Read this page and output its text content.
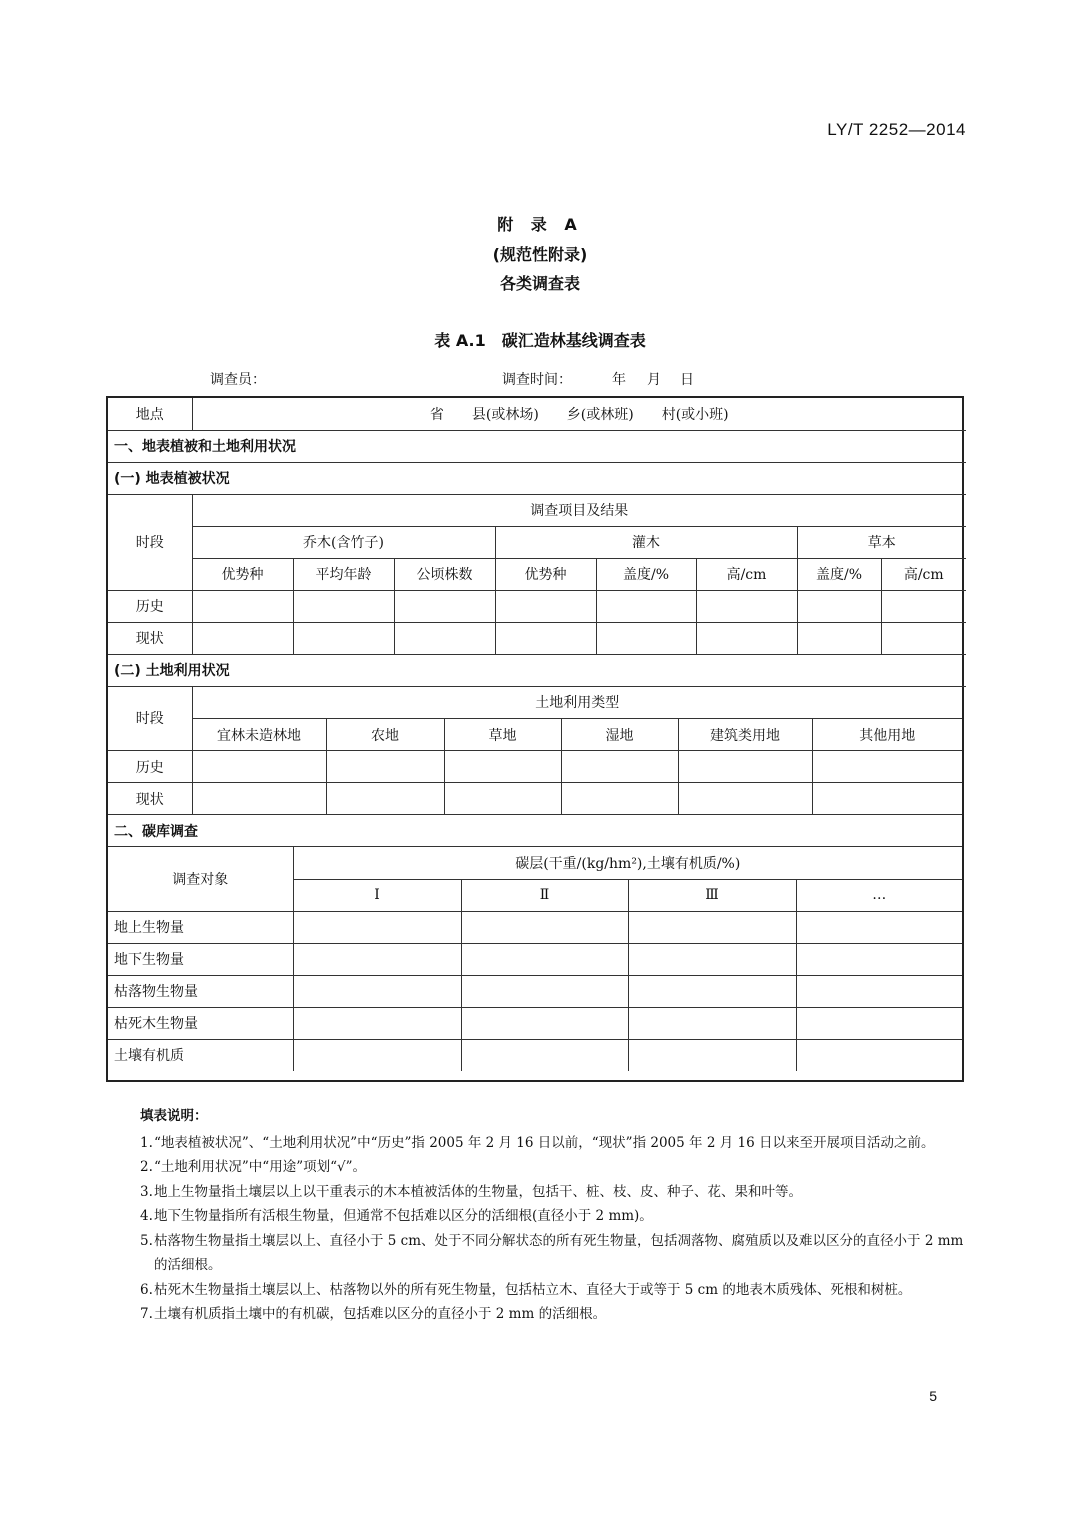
LY/T 2252—2014
附 录 A
(规范性附录)
各类调查表
表 A.1　碳汇造林基线调查表
调查员：	调查时间：	年 月 日
地点	省　　县(或林场)　　乡(或林班)　　村(或小班)							
一、地表植被和土地利用状况								
(一) 地表植被状况								
时段	调查项目及结果							
	乔木(含竹子)			灌木			草本	
	优势种	平均年龄	公顷株数	优势种	盖度/%	高/cm	盖度/%	高/cm
历史								
现状								
(二) 土地利用状况								
时段	土地利用类型					
	宜林未造林地	农地	草地	湿地	建筑类用地	其他用地
历史						
现状						
二、碳库调查						
调查对象	碳层(干重/(kg/hm²),土壤有机质/%)			
	Ⅰ	Ⅱ	Ⅲ	…
地上生物量				
地下生物量				
枯落物生物量				
枯死木生物量				
土壤有机质				
填表说明：
1. “地表植被状况”、“土地利用状况”中“历史”指 2005 年 2 月 16 日以前，“现状”指 2005 年 2 月 16 日以来至开展项目活动之前。
2. “土地利用状况”中“用途”项划“√”。
3. 地上生物量指土壤层以上以干重表示的木本植被活体的生物量，包括干、桩、枝、皮、种子、花、果和叶等。
4. 地下生物量指所有活根生物量，但通常不包括难以区分的活细根(直径小于 2 mm)。
5. 枯落物生物量指土壤层以上、直径小于 5 cm、处于不同分解状态的所有死生物量，包括凋落物、腐殖质以及难以区分的直径小于 2 mm 的活细根。
6. 枯死木生物量指土壤层以上、枯落物以外的所有死生物量，包括枯立木、直径大于或等于 5 cm 的地表木质残体、死根和树桩。
7. 土壤有机质指土壤中的有机碳，包括难以区分的直径小于 2 mm 的活细根。
5
